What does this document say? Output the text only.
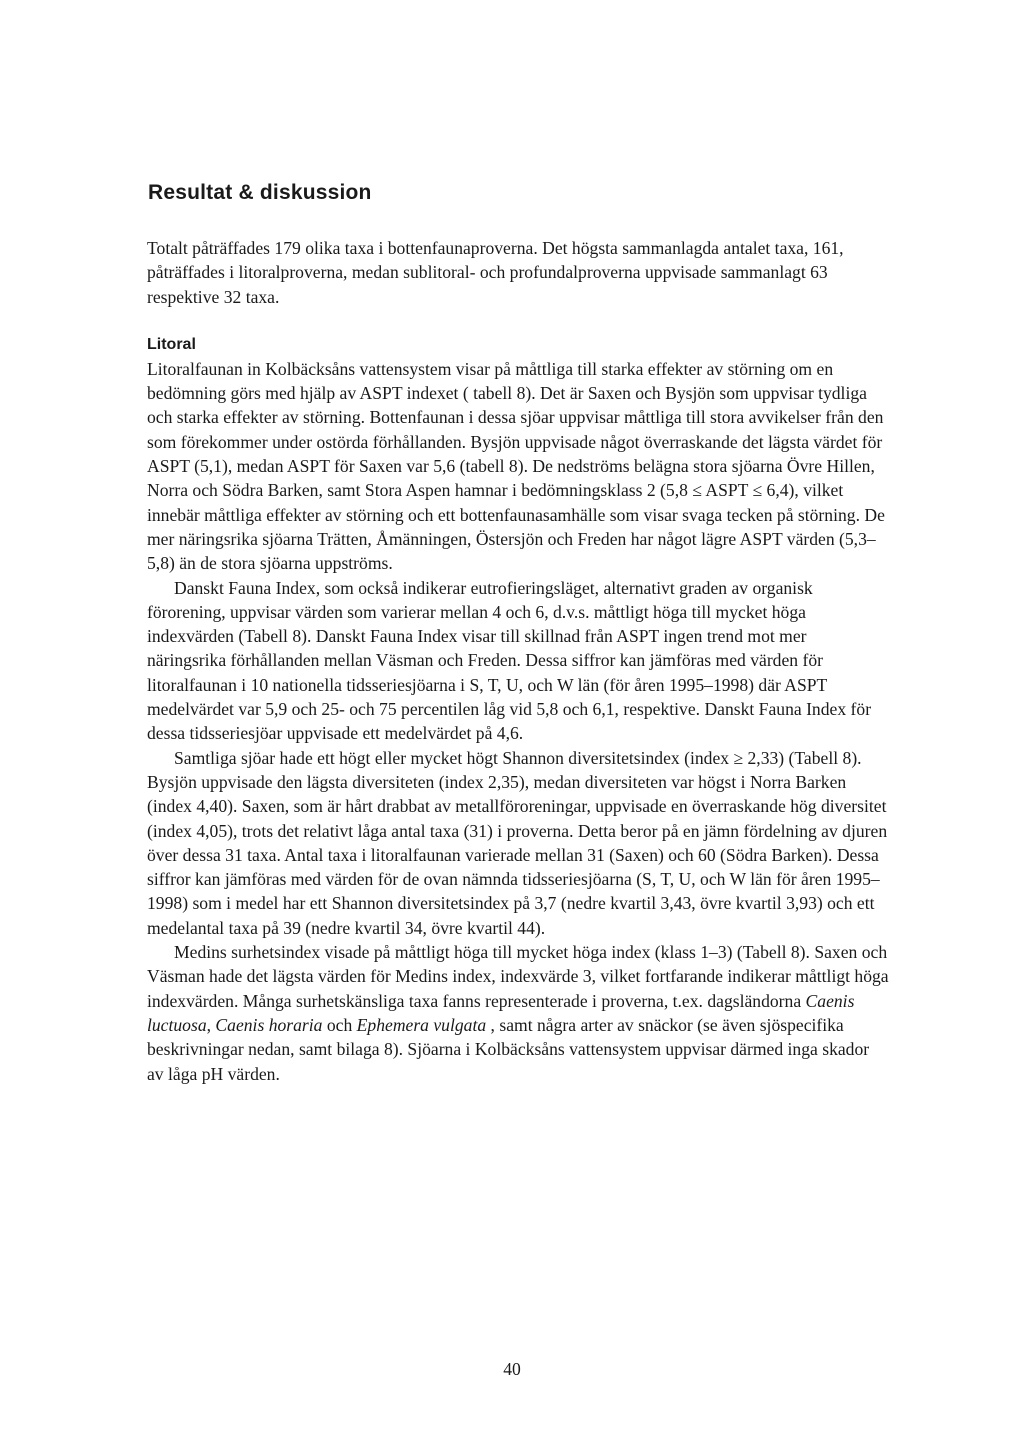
Resultat & diskussion

Totalt påträffades 179 olika taxa i bottenfaunaproverna. Det högsta sammanlagda antalet taxa, 161, påträffades i litoralproverna, medan sublitoral- och profundalproverna uppvisade sammanlagt 63 respektive 32 taxa.

Litoral

Litoralfaunan in Kolbäcksåns vattensystem visar på måttliga till starka effekter av störning om en bedömning görs med hjälp av ASPT indexet ( tabell 8). Det är Saxen och Bysjön som uppvisar tydliga och starka effekter av störning. Bottenfaunan i dessa sjöar uppvisar måttliga till stora avvikelser från den som förekommer under ostörda förhållanden. Bysjön uppvisade något överraskande det lägsta värdet för ASPT (5,1), medan ASPT för Saxen var 5,6 (tabell 8). De nedströms belägna stora sjöarna Övre Hillen, Norra och Södra Barken, samt Stora Aspen hamnar i bedömningsklass 2 (5,8 ≤ ASPT ≤ 6,4), vilket innebär måttliga effekter av störning och ett bottenfaunasamhälle som visar svaga tecken på störning. De mer näringsrika sjöarna Trätten, Åmänningen, Östersjön och Freden har något lägre ASPT värden (5,3–5,8) än de stora sjöarna uppströms.

Danskt Fauna Index, som också indikerar eutrofieringsläget, alternativt graden av organisk förorening, uppvisar värden som varierar mellan 4 och 6, d.v.s. måttligt höga till mycket höga indexvärden (Tabell 8). Danskt Fauna Index visar till skillnad från ASPT ingen trend mot mer näringsrika förhållanden mellan Väsman och Freden. Dessa siffror kan jämföras med värden för litoralfaunan i 10 nationella tidsseriesjöarna i S, T, U, och W län (för åren 1995–1998) där ASPT medelvärdet var 5,9 och 25- och 75 percentilen låg vid 5,8 och 6,1, respektive. Danskt Fauna Index för dessa tidsseriesjöar uppvisade ett medelvärdet på 4,6.

Samtliga sjöar hade ett högt eller mycket högt Shannon diversitetsindex (index ≥ 2,33) (Tabell 8). Bysjön uppvisade den lägsta diversiteten (index 2,35), medan diversiteten var högst i Norra Barken (index 4,40). Saxen, som är hårt drabbat av metallföroreningar, uppvisade en överraskande hög diversitet (index 4,05), trots det relativt låga antal taxa (31) i proverna. Detta beror på en jämn fördelning av djuren över dessa 31 taxa. Antal taxa i litoralfaunan varierade mellan 31 (Saxen) och 60 (Södra Barken). Dessa siffror kan jämföras med värden för de ovan nämnda tidsseriesjöarna (S, T, U, och W län för åren 1995–1998) som i medel har ett Shannon diversitetsindex på 3,7 (nedre kvartil 3,43, övre kvartil 3,93) och ett medelantal taxa på 39 (nedre kvartil 34, övre kvartil 44).

Medins surhetsindex visade på måttligt höga till mycket höga index (klass 1–3) (Tabell 8). Saxen och Väsman hade det lägsta värden för Medins index, indexvärde 3, vilket fortfarande indikerar måttligt höga indexvärden. Många surhetskänsliga taxa fanns representerade i proverna, t.ex. dagsländorna Caenis luctuosa, Caenis horaria och Ephemera vulgata , samt några arter av snäckor (se även sjöspecifika beskrivningar nedan, samt bilaga 8). Sjöarna i Kolbäcksåns vattensystem uppvisar därmed inga skador av låga pH värden.

40
